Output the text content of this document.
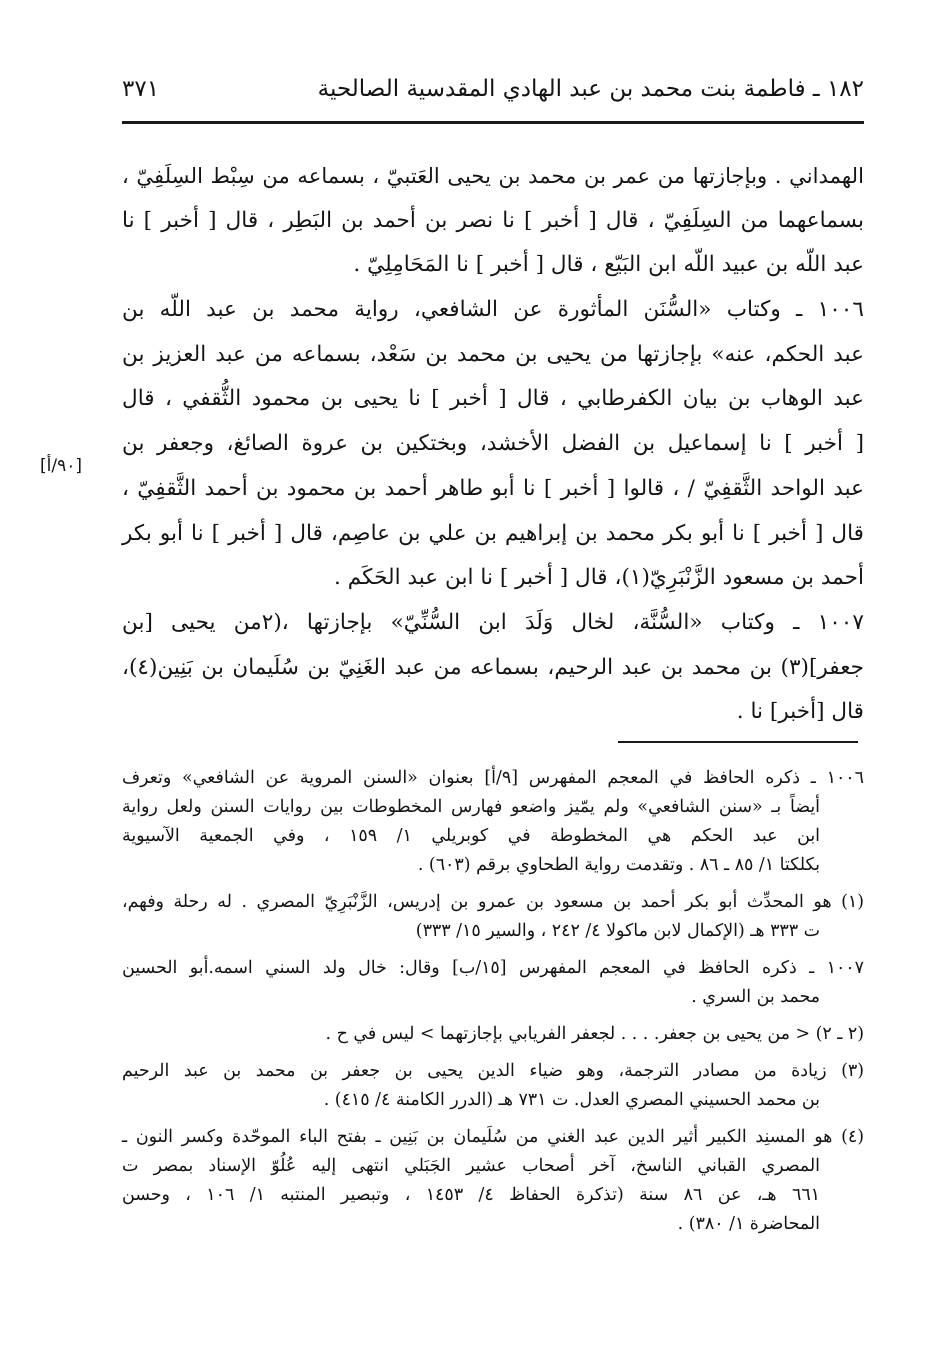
١٨٢ ـ فاطمة بنت محمد بن عبد الهادي المقدسية الصالحية
٣٧١
الهمداني . وبإجازتها من عمر بن محمد بن يحيى العَتبيّ ، بسماعه من سِبْط السِلَفِيّ ،
بسماعهما من السِلَفِيّ ، قال [ أخبر ] نا نصر بن أحمد بن البَطِر ، قال [ أخبر ] نا
عبد اللّه بن عبيد اللّه ابن البَيّع ، قال [ أخبر ] نا المَحَامِلِيّ .
١٠٠٦ ـ وكتاب «السُّنَن المأثورة عن الشافعي، رواية محمد بن عبد اللّه بن
عبد الحكم، عنه» بإجازتها من يحيى بن محمد بن سَعْد، بسماعه من عبد العزيز بن
عبد الوهاب بن بيان الكفرطابي ، قال [ أخبر ] نا يحيى بن محمود الثُّقفي ، قال
[ أخبر ] نا إسماعيل بن الفضل الأخشد، وبختكين بن عروة الصائغ، وجعفر بن
عبد الواحد الثَّقفِيّ / ، قالوا [ أخبر ] نا أبو طاهر أحمد بن محمود بن أحمد الثَّقفِيّ ،
قال [ أخبر ] نا أبو بكر محمد بن إبراهيم بن علي بن عاصِم، قال [ أخبر ] نا أبو بكر
أحمد بن مسعود الزَّنْبَرِيّ(١)، قال [ أخبر ] نا ابن عبد الحَكَم .
١٠٠٧ ـ وكتاب «السُّنَّة، لخال وَلَدَ ابن السُّنِّيّ» بإجازتها ،(٢من يحيى [بن
جعفر](٣) بن محمد بن عبد الرحيم، بسماعه من عبد الغَنِيّ بن سُلَيمان بن بَنِين(٤)،
قال [أخبر] نا .
[٩٠/أ]
١٠٠٦ ـ ذكره الحافظ في المعجم المفهرس [٩/أ] بعنوان «السنن المروية عن الشافعي» وتعرف
أيضاً بـ «سنن الشافعي» ولم يمّيز واضعو فهارس المخطوطات بين روايات السنن ولعل رواية
ابن عبد الحكم هي المخطوطة في كوبريلي ١/ ١٥٩ ، وفي الجمعية الآسيوية
بكلكتا ١/ ٨٥ ـ ٨٦ . وتقدمت رواية الطحاوي برقم (٦٠٣) .
(١) هو المحدِّث أبو بكر أحمد بن مسعود بن عمرو بن إدريس، الزَّنْبَرِيّ المصري . له رحلة وفهم،
ت ٣٣٣ هـ (الإكمال لابن ماكولا ٤/ ٢٤٢ ، والسير ١٥/ ٣٣٣)
١٠٠٧ ـ ذكره الحافظ في المعجم المفهرس [١٥/ب] وقال: خال ولد السني اسمه.أبو الحسين
محمد بن السري .
(٢ ـ ٢) < من يحيى بن جعفر. . . . لجعفر الفريابي بإجازتهما > ليس في ح .
(٣) زيادة من مصادر الترجمة، وهو ضياء الدين يحيى بن جعفر بن محمد بن عبد الرحيم
بن محمد الحسيني المصري العدل. ت ٧٣١ هـ (الدرر الكامنة ٤/ ٤١٥) .
(٤) هو المسنِد الكبير أثير الدين عبد الغني من سُلَيمان بن بَنِين ـ بفتح الباء الموحّدة وكسر النون ـ
المصري القباني الناسخ، آخر أصحاب عشير الجَبَلي انتهى إليه عُلُوّ الإسناد بمصر ت
٦٦١ هـ، عن ٨٦ سنة (تذكرة الحفاظ ٤/ ١٤٥٣ ، وتبصير المنتبه ١/ ١٠٦ ، وحسن
المحاضرة ١/ ٣٨٠) .
